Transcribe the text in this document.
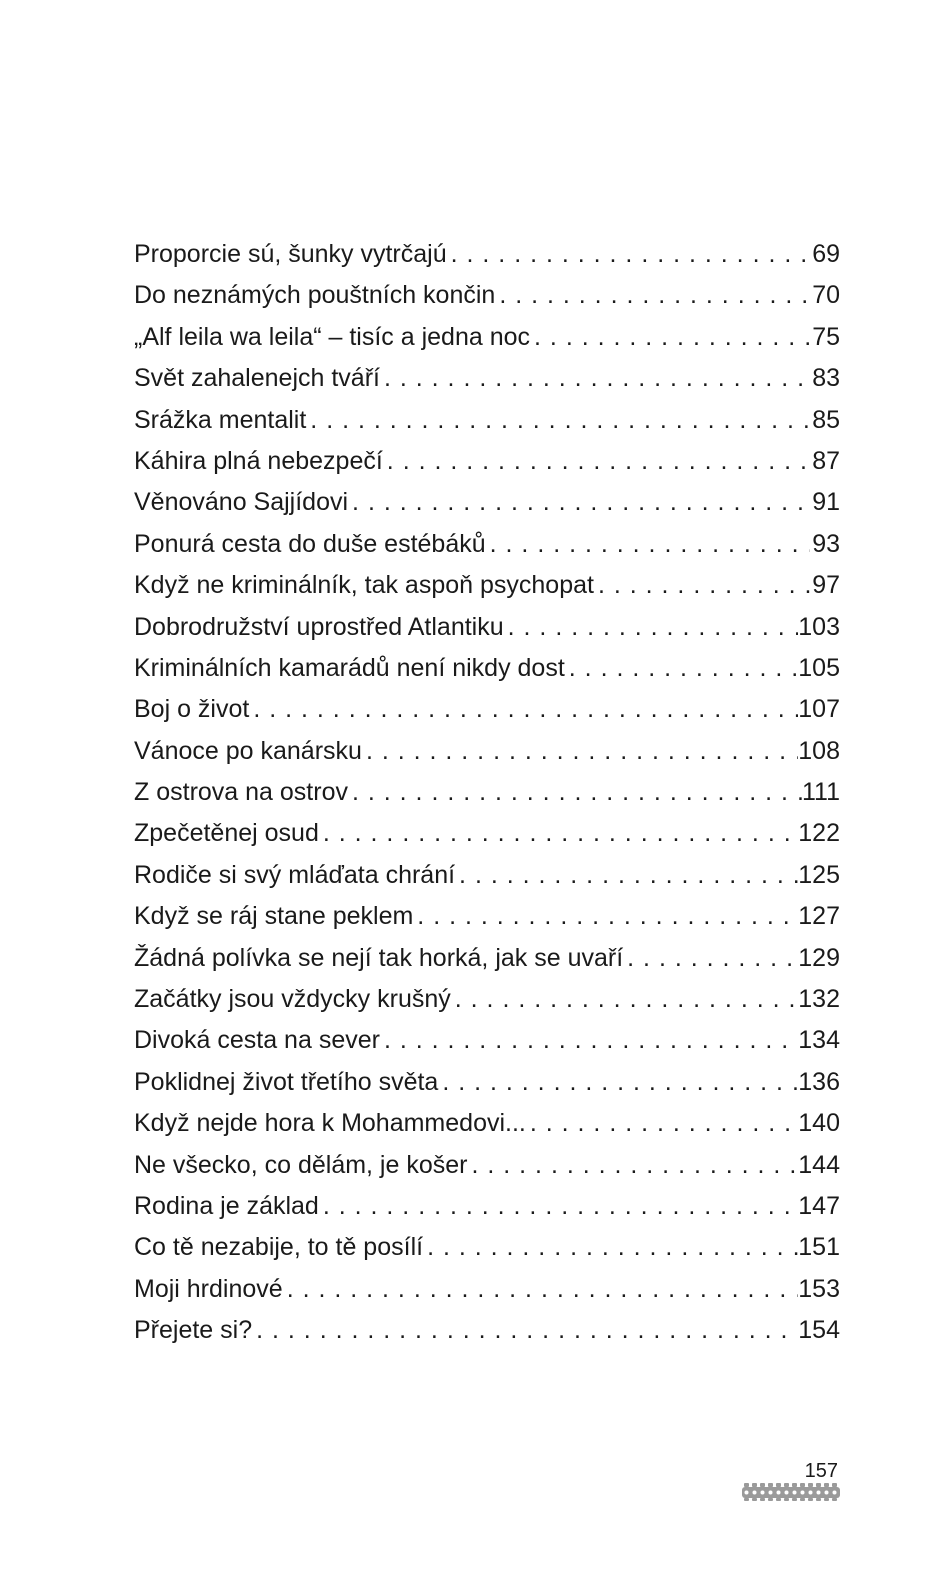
Proporcie sú, šunky vytrčajú . . .	69
Do neznámých pouštních končin . . .	70
„Alf leila wa leila“ – tisíc a jedna noc . . .	75
Svět zahalenejch tváří . . .	83
Srážka mentalit . . .	85
Káhira plná nebezpečí . . .	87
Věnováno Sajjídovi . . .	91
Ponurá cesta do duše estébáků . . .	93
Když ne kriminálník, tak aspoň psychopat . . .	97
Dobrodružství uprostřed Atlantiku . . .	103
Kriminálních kamarádů není nikdy dost . . .	105
Boj o život . . .	107
Vánoce po kanársku . . .	108
Z ostrova na ostrov . . .	111
Zpečetěnej osud . . .	122
Rodiče si svý mláďata chrání . . .	125
Když se ráj stane peklem . . .	127
Žádná polívka se nejí tak horká, jak se uvaří . . .	129
Začátky jsou vždycky krušný . . .	132
Divoká cesta na sever . . .	134
Poklidnej život třetího světa . . .	136
Když nejde hora k Mohammedovi... . . .	140
Ne všecko, co dělám, je košer . . .	144
Rodina je základ . . .	147
Co tě nezabije, to tě posílí . . .	151
Moji hrdinové . . .	153
Přejete si? . . .	154
157
